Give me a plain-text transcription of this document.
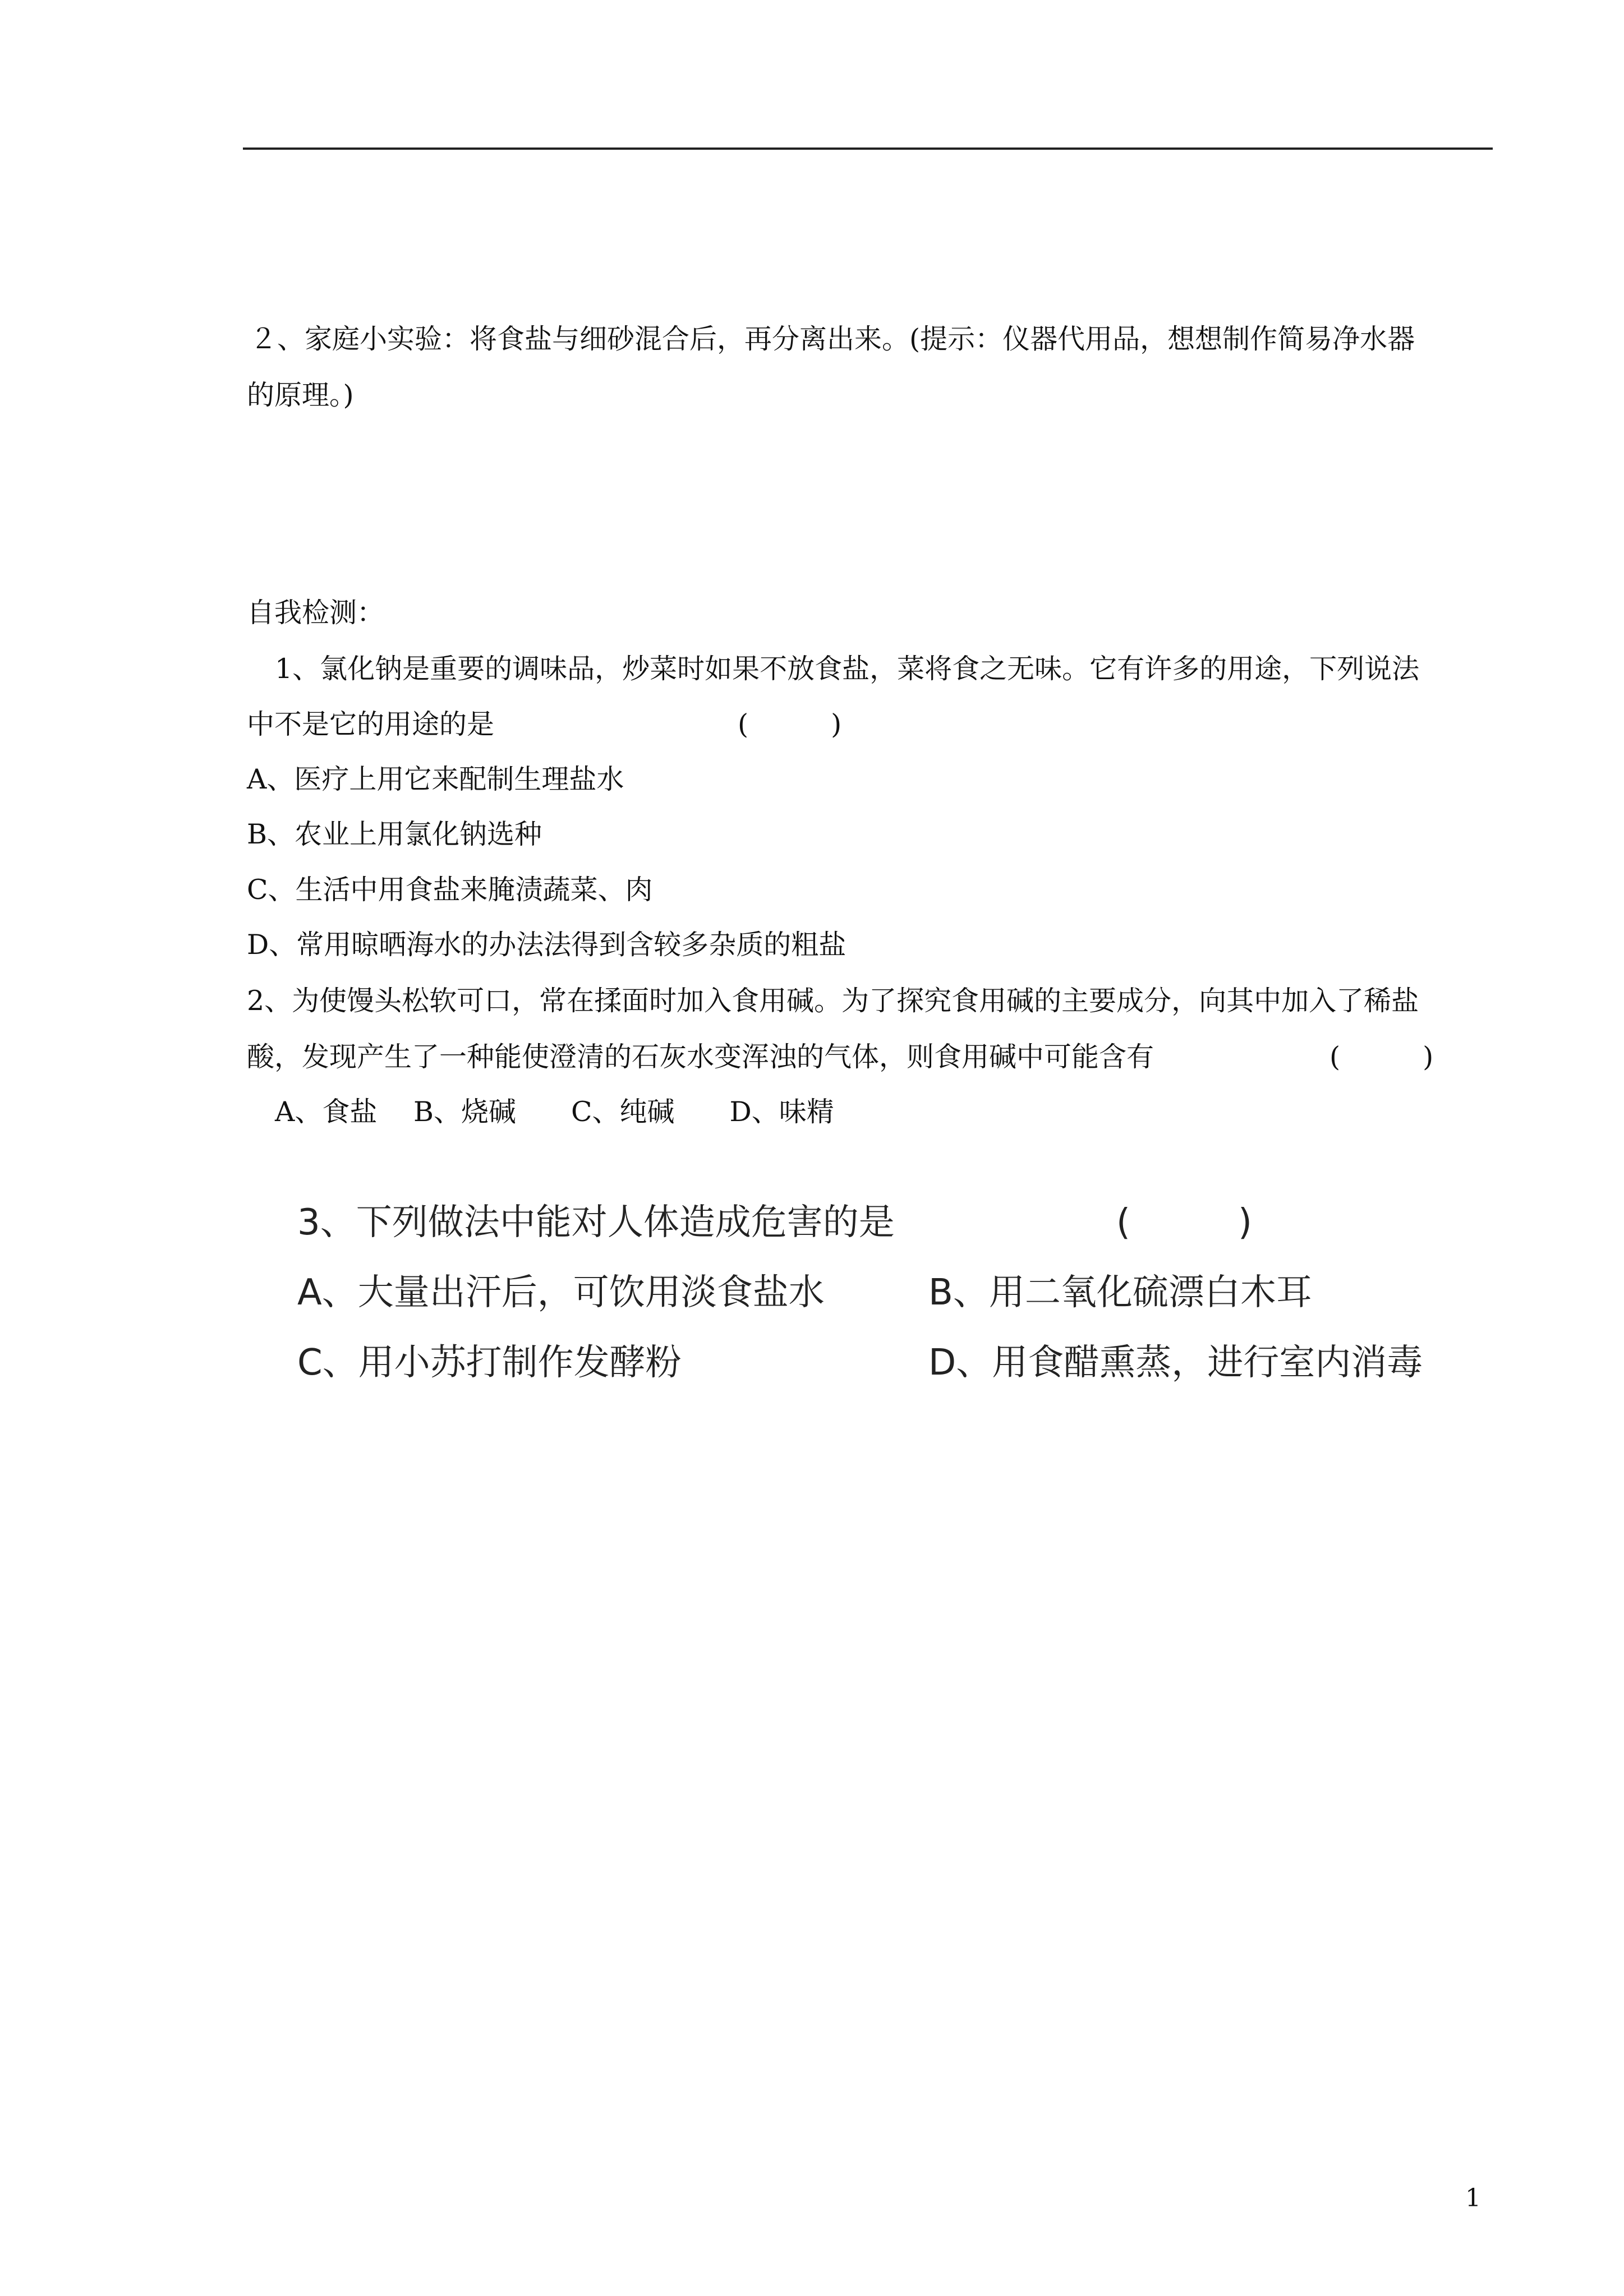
２、家庭小实验：将食盐与细砂混合后，再分离出来。(提示：仪器代用品，想想制作简易净水器
的原理。)
自我检测：
1、氯化钠是重要的调味品，炒菜时如果不放食盐，菜将食之无味。它有许多的用途，下列说法
中不是它的用途的是	(　　　)
A、医疗上用它来配制生理盐水
B、农业上用氯化钠选种
C、生活中用食盐来腌渍蔬菜、肉
D、常用晾晒海水的办法法得到含较多杂质的粗盐
2、为使馒头松软可口，常在揉面时加入食用碱。为了探究食用碱的主要成分，向其中加入了稀盐
酸，发现产生了一种能使澄清的石灰水变浑浊的气体，则食用碱中可能含有	(　　　)
A、食盐　 B、烧碱　　C、纯碱　　D、味精
3、下列做法中能对人体造成危害的是	(　　　)
A、大量出汗后，可饮用淡食盐水	B、用二氧化硫漂白木耳
C、用小苏打制作发酵粉	D、用食醋熏蒸，进行室内消毒
1
